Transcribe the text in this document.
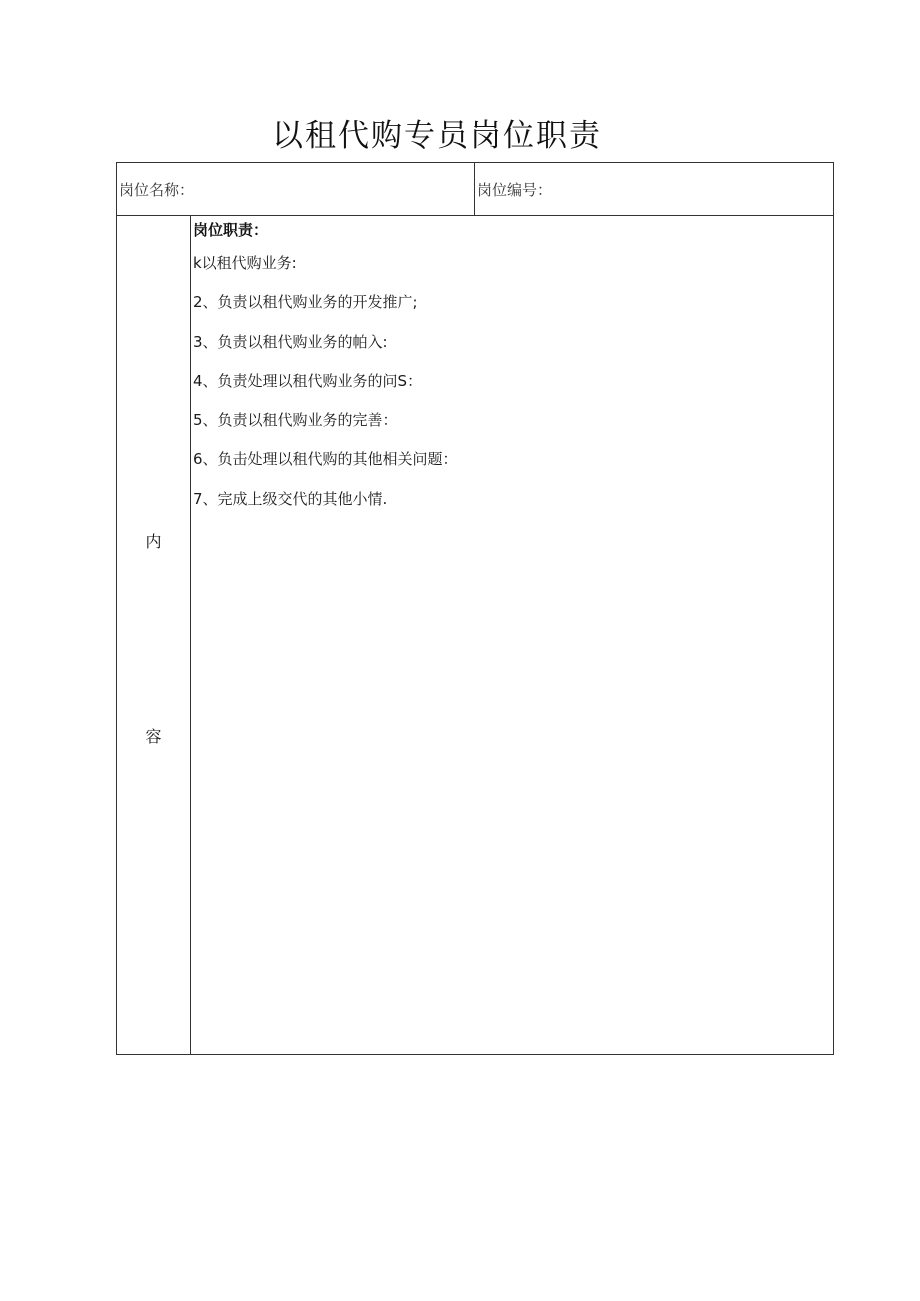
以租代购专员岗位职责
岗位名称：	岗位编号：
内
容
岗位职责：
k以租代购业务:
2、负责以租代购业务的开发推广;
3、负责以租代购业务的帕入:
4、负责处理以租代购业务的问S：
5、负责以租代购业务的完善：
6、负击处理以租代购的其他相关问题：
7、完成上级交代的其他小情.
